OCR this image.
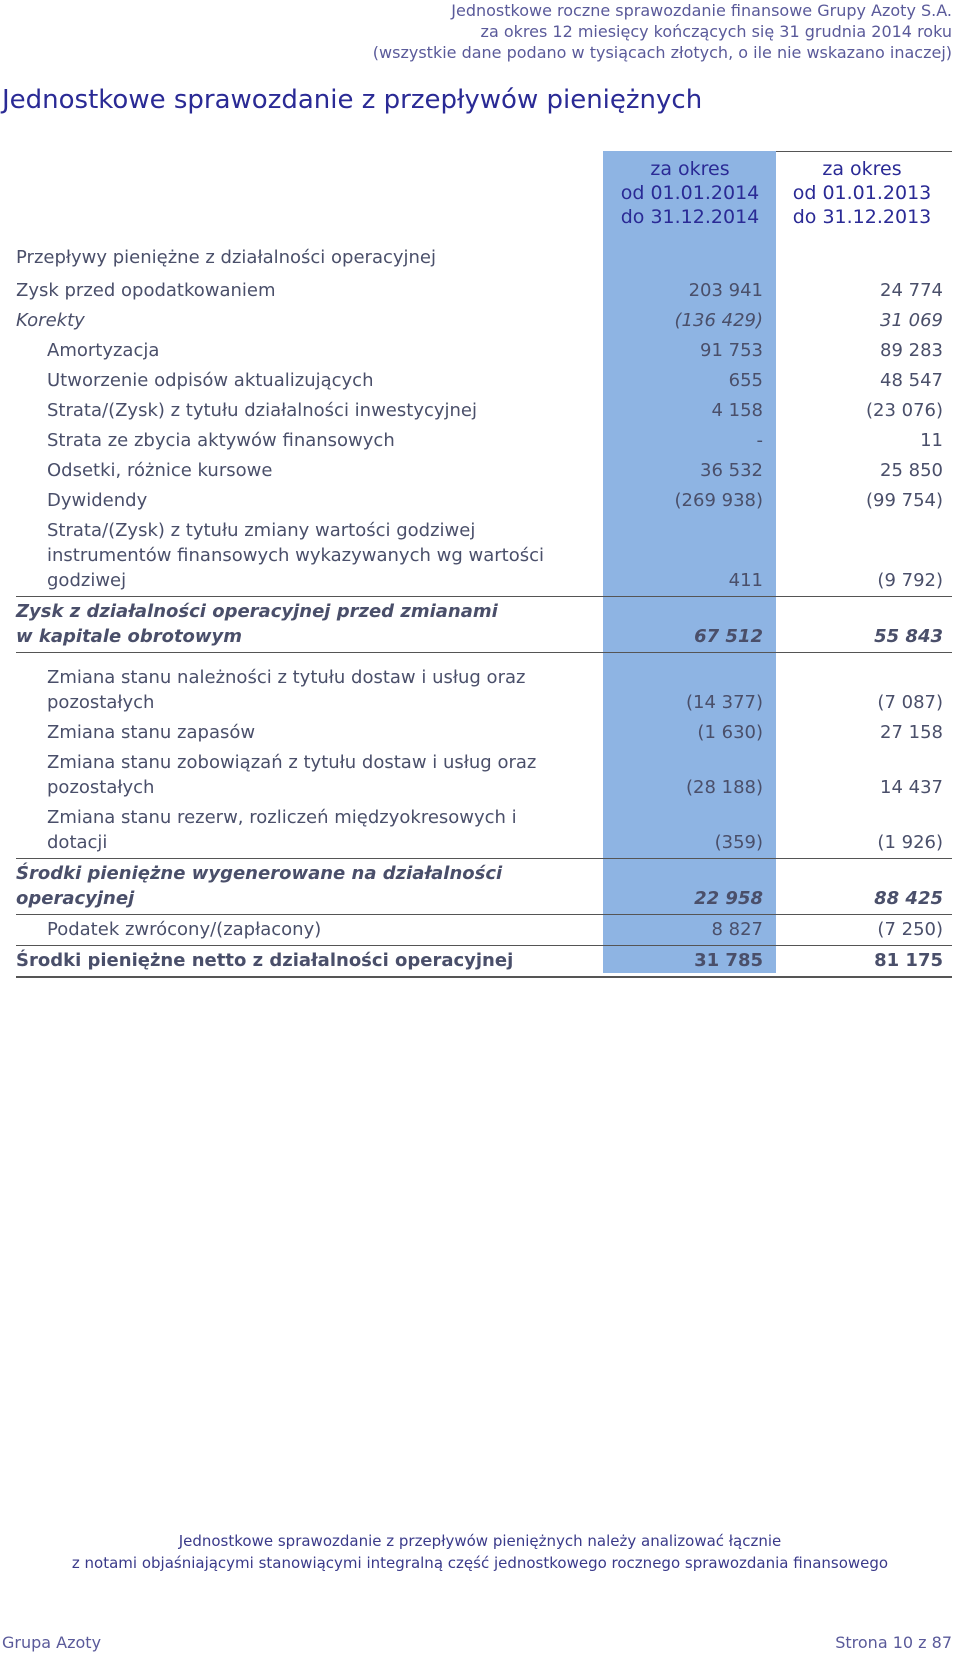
Jednostkowe roczne sprawozdanie finansowe Grupy Azoty S.A.
za okres 12 miesięcy kończących się 31 grudnia 2014 roku
(wszystkie dane podano w tysiącach złotych, o ile nie wskazano inaczej)
Jednostkowe sprawozdanie z przepływów pieniężnych
za okres
od 01.01.2014
do 31.12.2014
za okres
od 01.01.2013
do 31.12.2013
Przepływy pieniężne z działalności operacyjnej		
Zysk przed opodatkowaniem	203 941	24 774
Korekty	(136 429)	31 069
Amortyzacja	91 753	89 283
Utworzenie odpisów aktualizujących	655	48 547
Strata/(Zysk) z tytułu działalności inwestycyjnej	4 158	(23 076)
Strata ze zbycia aktywów finansowych	-	11
Odsetki, różnice kursowe	36 532	25 850
Dywidendy	(269 938)	(99 754)
Strata/(Zysk) z tytułu zmiany wartości godziwej instrumentów finansowych wykazywanych wg wartości godziwej	411	(9 792)
Zysk z działalności operacyjnej przed zmianami w kapitale obrotowym	67 512	55 843
Zmiana stanu należności z tytułu dostaw i usług oraz pozostałych	(14 377)	(7 087)
Zmiana stanu zapasów	(1 630)	27 158
Zmiana stanu zobowiązań z tytułu dostaw i usług oraz pozostałych	(28 188)	14 437
Zmiana stanu rezerw, rozliczeń międzyokresowych i dotacji	(359)	(1 926)
Środki pieniężne wygenerowane na działalności operacyjnej	22 958	88 425
Podatek zwrócony/(zapłacony)	8 827	(7 250)
Środki pieniężne netto z działalności operacyjnej	31 785	81 175
Jednostkowe sprawozdanie z przepływów pieniężnych należy analizować łącznie
z notami objaśniającymi stanowiącymi integralną część jednostkowego rocznego sprawozdania finansowego
Grupa Azoty	Strona 10 z 87
